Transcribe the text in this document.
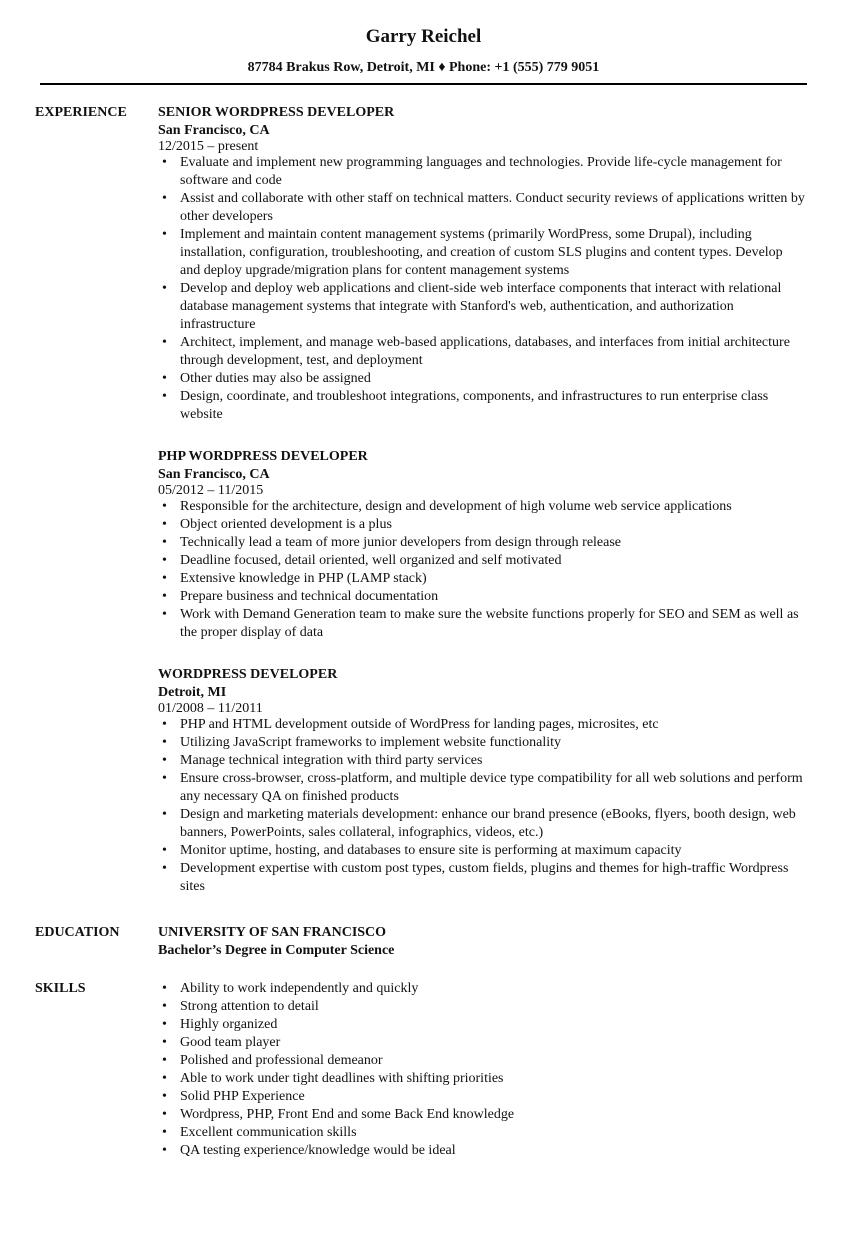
Garry Reichel
87784 Brakus Row, Detroit, MI ♦ Phone: +1 (555) 779 9051
EXPERIENCE	SENIOR WORDPRESS DEVELOPER
San Francisco, CA
12/2015 – present
• Evaluate and implement new programming languages and technologies. Provide life-cycle management for software and code
• Assist and collaborate with other staff on technical matters. Conduct security reviews of applications written by other developers
• Implement and maintain content management systems (primarily WordPress, some Drupal), including installation, configuration, troubleshooting, and creation of custom SLS plugins and content types. Develop and deploy upgrade/migration plans for content management systems
• Develop and deploy web applications and client-side web interface components that interact with relational database management systems that integrate with Stanford's web, authentication, and authorization infrastructure
• Architect, implement, and manage web-based applications, databases, and interfaces from initial architecture through development, test, and deployment
• Other duties may also be assigned
• Design, coordinate, and troubleshoot integrations, components, and infrastructures to run enterprise class website
PHP WORDPRESS DEVELOPER
San Francisco, CA
05/2012 – 11/2015
• Responsible for the architecture, design and development of high volume web service applications
• Object oriented development is a plus
• Technically lead a team of more junior developers from design through release
• Deadline focused, detail oriented, well organized and self motivated
• Extensive knowledge in PHP (LAMP stack)
• Prepare business and technical documentation
• Work with Demand Generation team to make sure the website functions properly for SEO and SEM as well as the proper display of data
WORDPRESS DEVELOPER
Detroit, MI
01/2008 – 11/2011
• PHP and HTML development outside of WordPress for landing pages, microsites, etc
• Utilizing JavaScript frameworks to implement website functionality
• Manage technical integration with third party services
• Ensure cross-browser, cross-platform, and multiple device type compatibility for all web solutions and perform any necessary QA on finished products
• Design and marketing materials development: enhance our brand presence (eBooks, flyers, booth design, web banners, PowerPoints, sales collateral, infographics, videos, etc.)
• Monitor uptime, hosting, and databases to ensure site is performing at maximum capacity
• Development expertise with custom post types, custom fields, plugins and themes for high-traffic Wordpress sites
EDUCATION	UNIVERSITY OF SAN FRANCISCO
Bachelor’s Degree in Computer Science
SKILLS	• Ability to work independently and quickly
• Strong attention to detail
• Highly organized
• Good team player
• Polished and professional demeanor
• Able to work under tight deadlines with shifting priorities
• Solid PHP Experience
• Wordpress, PHP, Front End and some Back End knowledge
• Excellent communication skills
• QA testing experience/knowledge would be ideal
